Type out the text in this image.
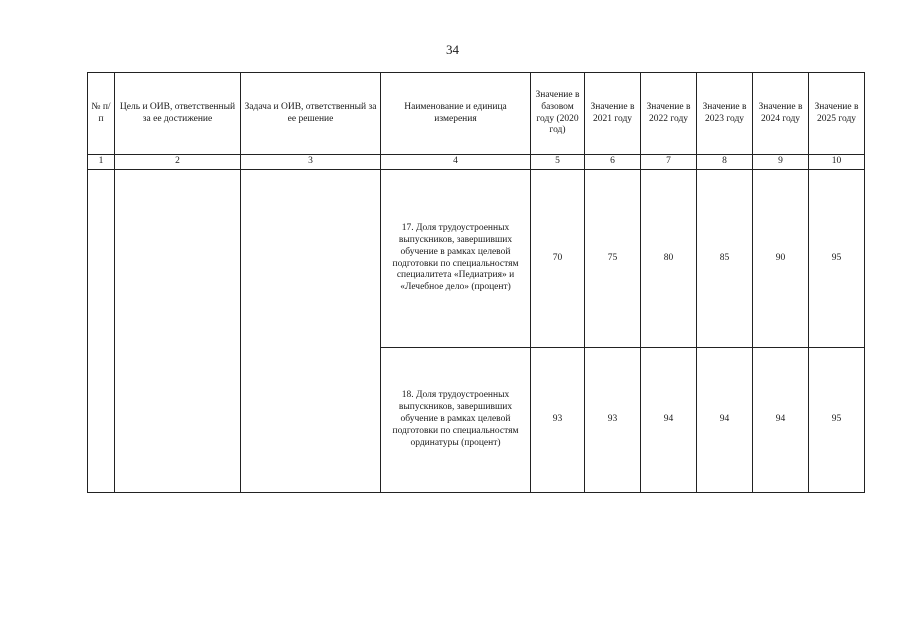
34
№ п/п	Цель и ОИВ, ответственный за ее достижение	Задача и ОИВ, ответственный за ее решение	Наименование и единица измерения	Значение в базовом году (2020 год)	Значение в 2021 году	Значение в 2022 году	Значение в 2023 году	Значение в 2024 году	Значение в 2025 году
1	2	3	4	5	6	7	8	9	10
			17. Доля трудоустроенных выпускников, завершивших обучение в рамках целевой подготовки по специальностям специалитета «Педиатрия» и «Лечебное дело» (процент)	70	75	80	85	90	95
			18. Доля трудоустроенных выпускников, завершивших обучение в рамках целевой подготовки по специальностям ординатуры (процент)	93	93	94	94	94	95
